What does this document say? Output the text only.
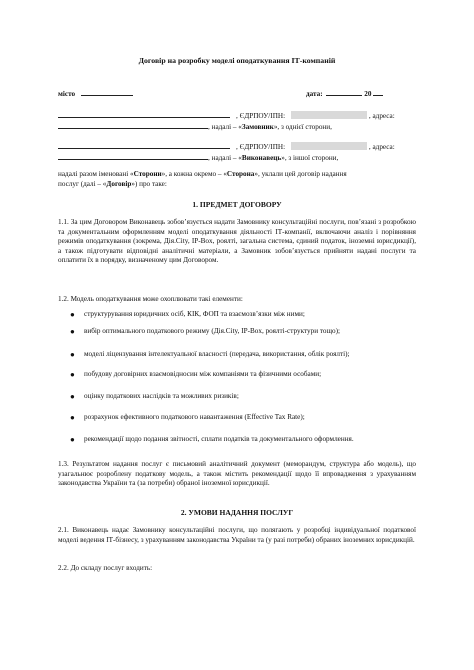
Договір на розробку моделі оподаткування ІТ-компаній
місто	дата:	20
, ЄДРПОУ/ІПН:	, адреса:
, надалі – «Замовник», з однієї сторони,
, ЄДРПОУ/ІПН:	, адреса:
, надалі – «Виконавець», з іншої сторони,
надалі разом іменовані «Сторони», а кожна окремо – «Сторона», уклали цей договір надання
послуг (далі – «Договір») про таке:
1. ПРЕДМЕТ ДОГОВОРУ
1.1. За цим Договором Виконавець зобов’язується надати Замовнику консультаційні послуги, пов’язані з розробкою та документальним оформленням моделі оподаткування діяльності ІТ-компанії, включаючи аналіз і порівняння режимів оподаткування (зокрема, Дія.City, IP-Box, роялті, загальна система, єдиний податок, іноземні юрисдикції), а також підготувати відповідні аналітичні матеріали, а Замовник зобов’язується прийняти надані послуги та оплатити їх в порядку, визначеному цим Договором.
1.2. Модель оподаткування може охоплювати такі елементи:
● структурування юридичних осіб, КІК, ФОП та взаємозв’язки між ними;
● вибір оптимального податкового режиму (Дія.City, IP-Box, роялті-структури тощо);
● моделі ліцензування інтелектуальної власності (передача, використання, облік роялті);
● побудову договірних взаємовідносин між компаніями та фізичними особами;
● оцінку податкових наслідків та можливих ризиків;
● розрахунок ефективного податкового навантаження (Effective Tax Rate);
● рекомендації щодо подання звітності, сплати податків та документального оформлення.
1.3. Результатом надання послуг є письмовий аналітичний документ (меморандум, структура або модель), що узагальнює розроблену податкову модель, а також містить рекомендації щодо її впровадження з урахуванням законодавства України та (за потреби) обраної іноземної юрисдикції.
2. УМОВИ НАДАННЯ ПОСЛУГ
2.1. Виконавець надає Замовнику консультаційні послуги, що полягають у розробці індивідуальної податкової моделі ведення ІТ-бізнесу, з урахуванням законодавства України та (у разі потреби) обраних іноземних юрисдикцій.
2.2. До складу послуг входить:
